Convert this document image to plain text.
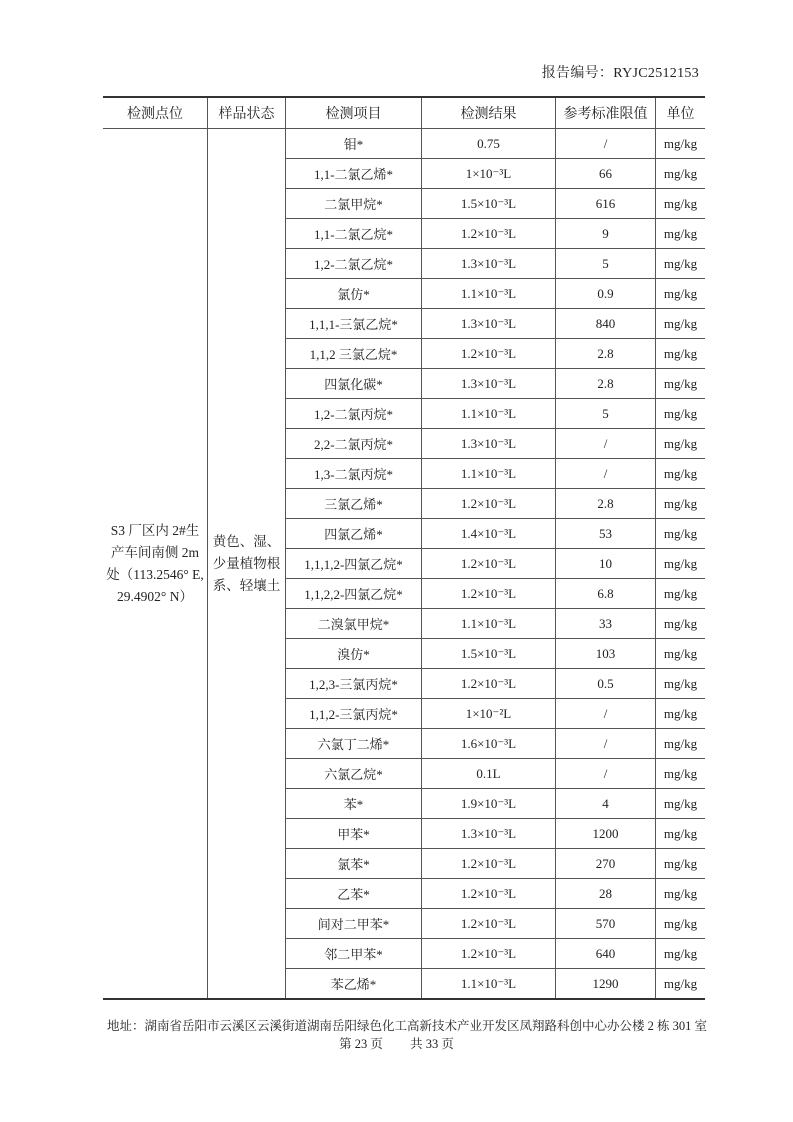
报告编号：RYJC2512153
检测点位	样品状态	检测项目	检测结果	参考标准限值	单位
S3 厂区内 2#生产车间南侧 2m 处（113.2546° E, 29.4902° N）	黄色、湿、少量植物根系、轻壤土	钼*	0.75	/	mg/kg
		1,1-二氯乙烯*	1×10⁻³L	66	mg/kg
		二氯甲烷*	1.5×10⁻³L	616	mg/kg
		1,1-二氯乙烷*	1.2×10⁻³L	9	mg/kg
		1,2-二氯乙烷*	1.3×10⁻³L	5	mg/kg
		氯仿*	1.1×10⁻³L	0.9	mg/kg
		1,1,1-三氯乙烷*	1.3×10⁻³L	840	mg/kg
		1,1,2 三氯乙烷*	1.2×10⁻³L	2.8	mg/kg
		四氯化碳*	1.3×10⁻³L	2.8	mg/kg
		1,2-二氯丙烷*	1.1×10⁻³L	5	mg/kg
		2,2-二氯丙烷*	1.3×10⁻³L	/	mg/kg
		1,3-二氯丙烷*	1.1×10⁻³L	/	mg/kg
		三氯乙烯*	1.2×10⁻³L	2.8	mg/kg
		四氯乙烯*	1.4×10⁻³L	53	mg/kg
		1,1,1,2-四氯乙烷*	1.2×10⁻³L	10	mg/kg
		1,1,2,2-四氯乙烷*	1.2×10⁻³L	6.8	mg/kg
		二溴氯甲烷*	1.1×10⁻³L	33	mg/kg
		溴仿*	1.5×10⁻³L	103	mg/kg
		1,2,3-三氯丙烷*	1.2×10⁻³L	0.5	mg/kg
		1,1,2-三氯丙烷*	1×10⁻²L	/	mg/kg
		六氯丁二烯*	1.6×10⁻³L	/	mg/kg
		六氯乙烷*	0.1L	/	mg/kg
		苯*	1.9×10⁻³L	4	mg/kg
		甲苯*	1.3×10⁻³L	1200	mg/kg
		氯苯*	1.2×10⁻³L	270	mg/kg
		乙苯*	1.2×10⁻³L	28	mg/kg
		间对二甲苯*	1.2×10⁻³L	570	mg/kg
		邻二甲苯*	1.2×10⁻³L	640	mg/kg
		苯乙烯*	1.1×10⁻³L	1290	mg/kg
地址：湖南省岳阳市云溪区云溪街道湖南岳阳绿色化工高新技术产业开发区凤翔路科创中心办公楼 2 栋 301 室
第 23 页 共 33 页
